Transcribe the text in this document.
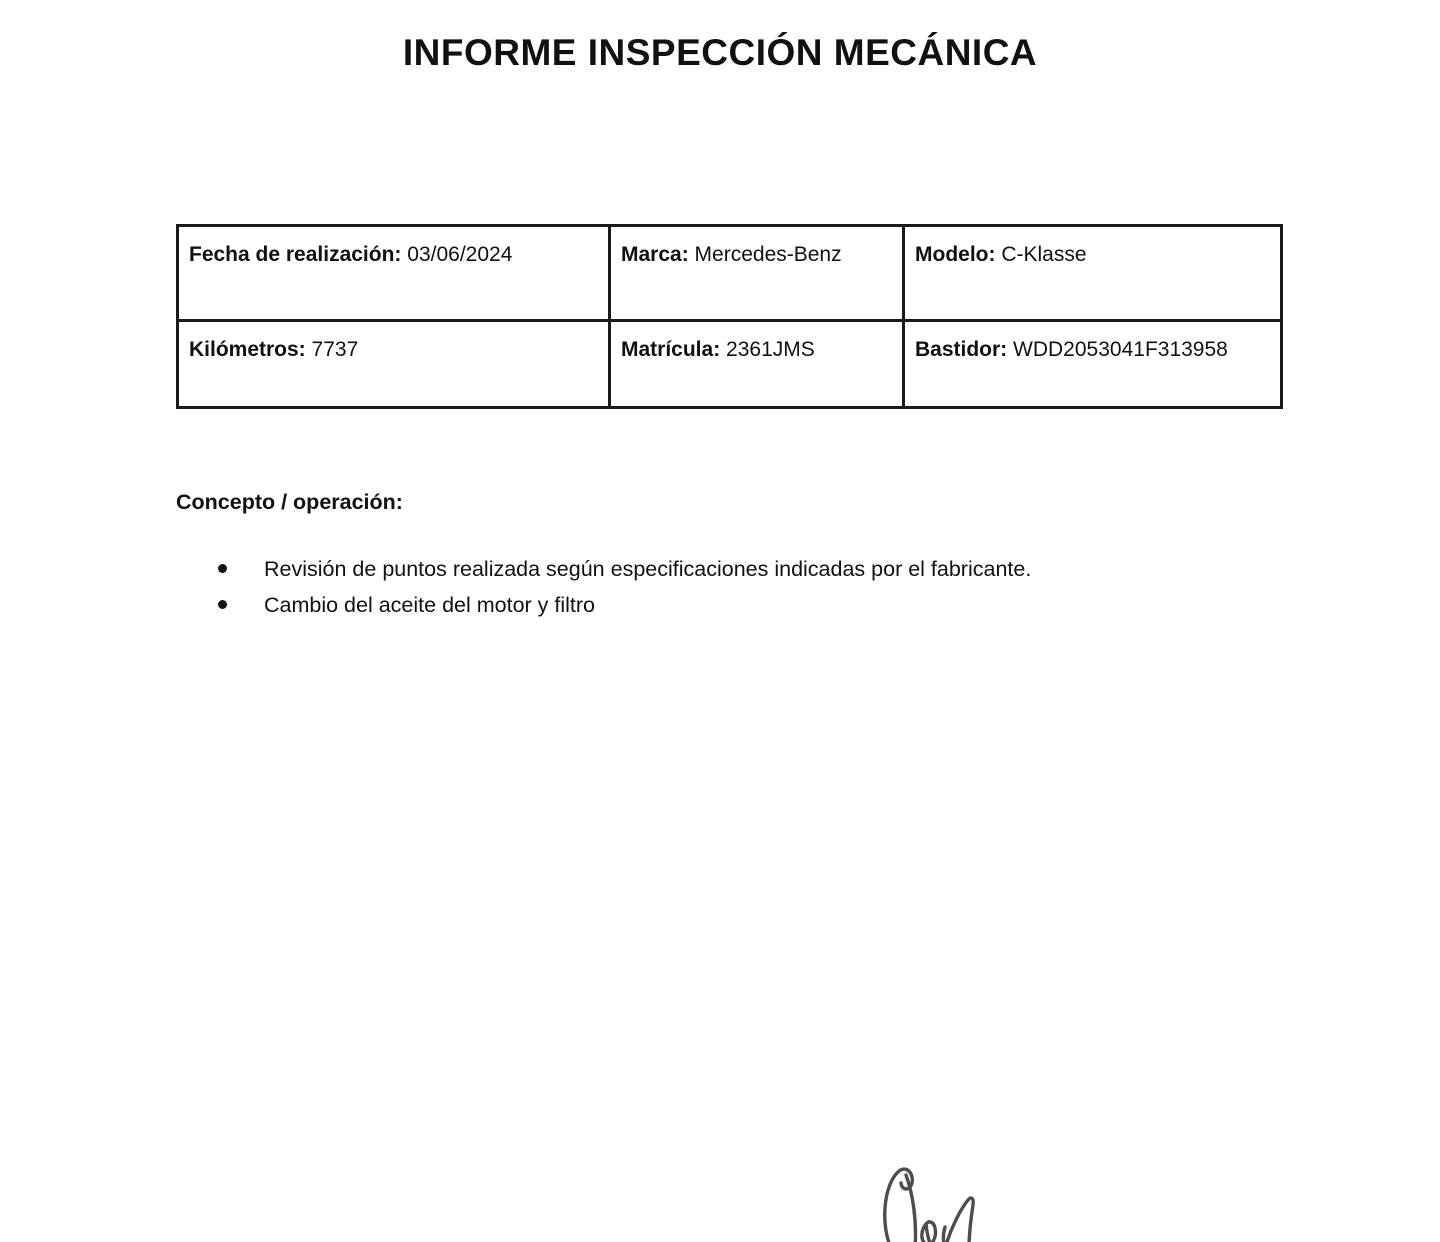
INFORME INSPECCIÓN MECÁNICA
Fecha de realización: 03/06/2024	Marca: Mercedes-Benz	Modelo: C-Klasse
Kilómetros: 7737	Matrícula: 2361JMS	Bastidor: WDD2053041F313958
Concepto / operación:
Revisión de puntos realizada según especificaciones indicadas por el fabricante.
Cambio del aceite del motor y filtro
